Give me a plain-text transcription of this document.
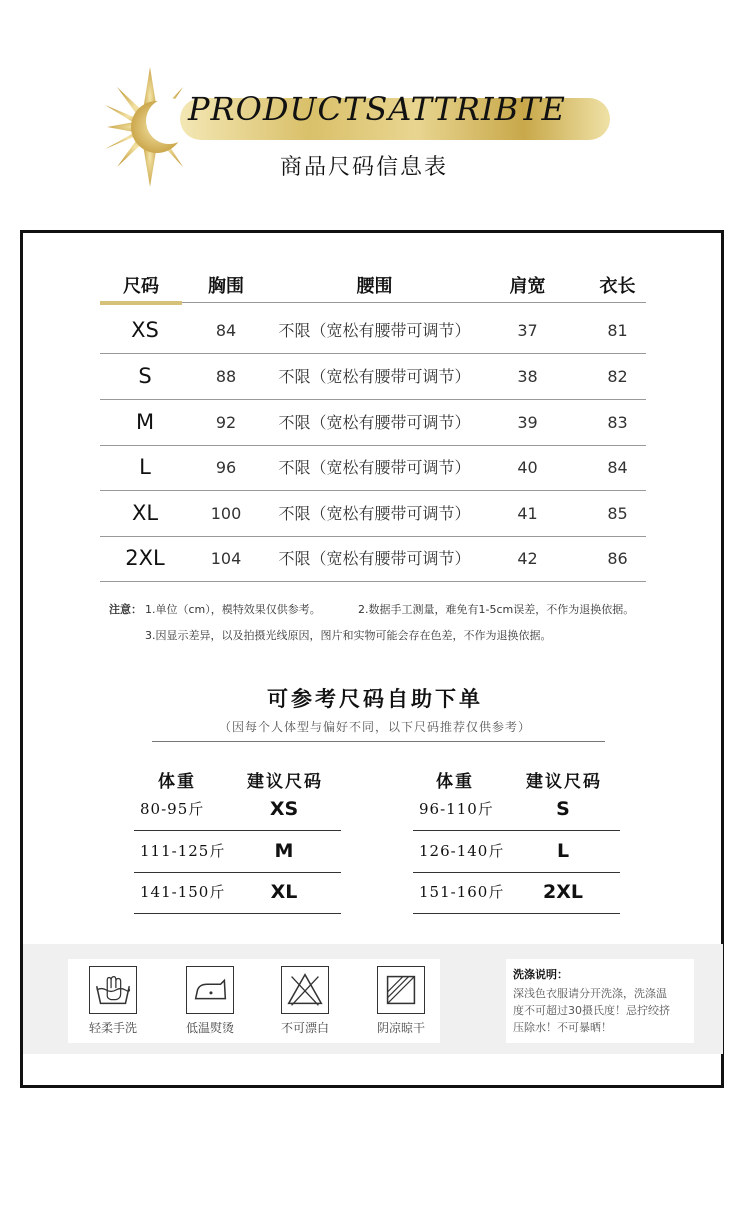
PRODUCTSATTRIBTE
商品尺码信息表
尺码	胸围	腰围	肩宽	衣长
XS	84	不限（宽松有腰带可调节）	37	81
S	88	不限（宽松有腰带可调节）	38	82
M	92	不限（宽松有腰带可调节）	39	83
L	96	不限（宽松有腰带可调节）	40	84
XL	100	不限（宽松有腰带可调节）	41	85
2XL	104	不限（宽松有腰带可调节）	42	86
注意： 1.单位（cm），模特效果仅供参考。	2.数据手工测量，难免有1-5cm误差，不作为退换依据。
3.因显示差异，以及拍摄光线原因，图片和实物可能会存在色差，不作为退换依据。
可参考尺码自助下单
（因每个人体型与偏好不同，以下尺码推荐仅供参考）
体重	建议尺码	体重	建议尺码
80-95斤	XS
111-125斤	M
141-150斤	XL
96-110斤	S
126-140斤	L
151-160斤	2XL
轻柔手洗	低温熨烫	不可漂白	阴凉晾干
洗涤说明：
深浅色衣服请分开洗涤，洗涤温
度不可超过30摄氏度！忌拧绞挤
压除水！不可暴晒！
